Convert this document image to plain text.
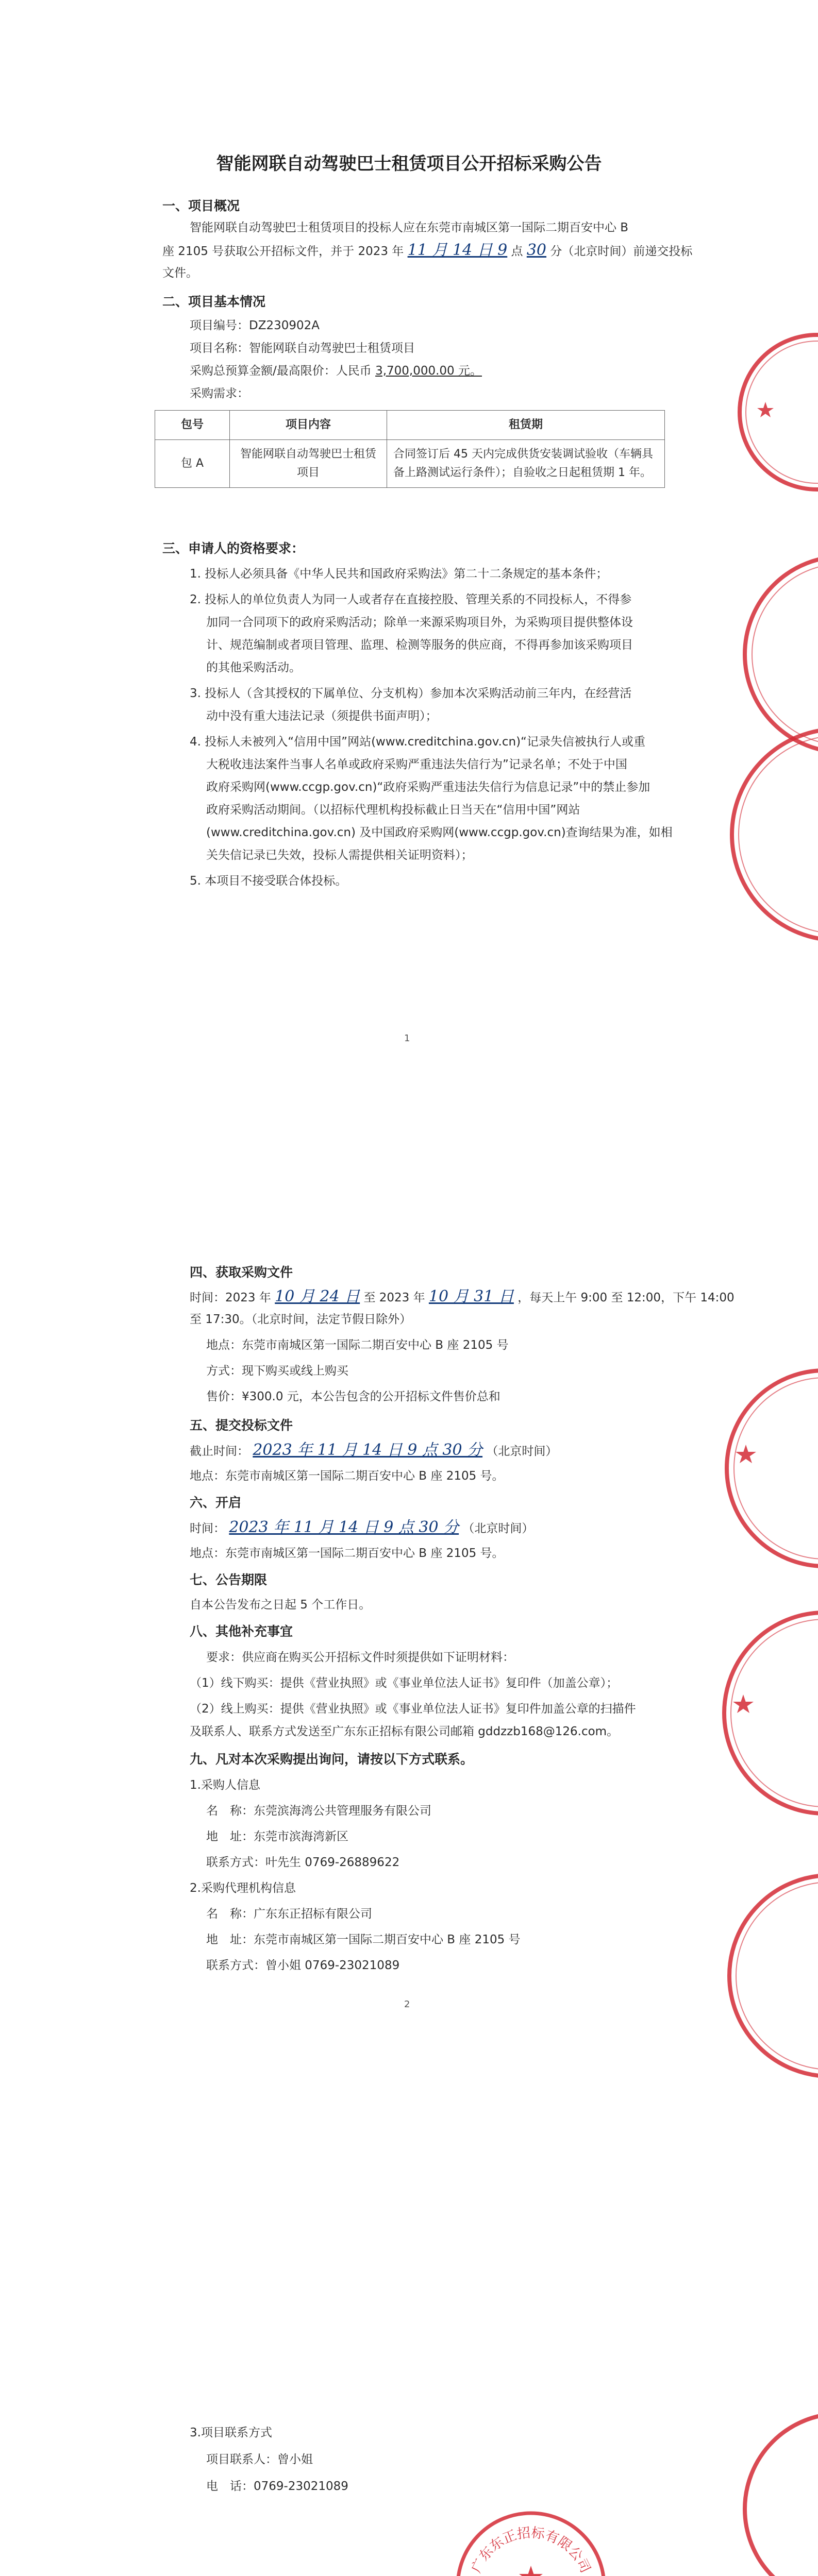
智能网联自动驾驶巴士租赁项目公开招标采购公告
一、项目概况
智能网联自动驾驶巴士租赁项目的投标人应在东莞市南城区第一国际二期百安中心 B
座 2105 号获取公开招标文件，并于 2023 年 11 月 14 日 9 点 30 分（北京时间）前递交投标
文件。
二、项目基本情况
项目编号：DZ230902A
项目名称：智能网联自动驾驶巴士租赁项目
采购总预算金额/最高限价：人民币 3,700,000.00 元。
采购需求：
包号	项目内容	租赁期
包 A	智能网联自动驾驶巴士租赁项目	合同签订后 45 天内完成供货安装调试验收（车辆具备上路测试运行条件）；自验收之日起租赁期 1 年。
三、申请人的资格要求：
1. 投标人必须具备《中华人民共和国政府采购法》第二十二条规定的基本条件；
2. 投标人的单位负责人为同一人或者存在直接控股、管理关系的不同投标人，不得参
加同一合同项下的政府采购活动；除单一来源采购项目外，为采购项目提供整体设
计、规范编制或者项目管理、监理、检测等服务的供应商，不得再参加该采购项目
的其他采购活动。
3. 投标人（含其授权的下属单位、分支机构）参加本次采购活动前三年内，在经营活
动中没有重大违法记录（须提供书面声明）；
4. 投标人未被列入“信用中国”网站(www.creditchina.gov.cn)“记录失信被执行人或重
大税收违法案件当事人名单或政府采购严重违法失信行为”记录名单；不处于中国
政府采购网(www.ccgp.gov.cn)“政府采购严重违法失信行为信息记录”中的禁止参加
政府采购活动期间。（以招标代理机构投标截止日当天在“信用中国”网站
(www.creditchina.gov.cn) 及中国政府采购网(www.ccgp.gov.cn)查询结果为准，如相
关失信记录已失效，投标人需提供相关证明资料）；
5. 本项目不接受联合体投标。
1
四、获取采购文件
时间：2023 年 10 月 24 日 至 2023 年 10 月 31 日 ，每天上午 9:00 至 12:00，下午 14:00
至 17:30。（北京时间，法定节假日除外）
地点：东莞市南城区第一国际二期百安中心 B 座 2105 号
方式：现下购买或线上购买
售价：¥300.0 元，本公告包含的公开招标文件售价总和
五、提交投标文件
截止时间： 2023 年 11 月 14 日 9 点 30 分 （北京时间）
地点：东莞市南城区第一国际二期百安中心 B 座 2105 号。
六、开启
时间： 2023 年 11 月 14 日 9 点 30 分 （北京时间）
地点：东莞市南城区第一国际二期百安中心 B 座 2105 号。
七、公告期限
自本公告发布之日起 5 个工作日。
八、其他补充事宜
要求：供应商在购买公开招标文件时须提供如下证明材料：
（1）线下购买：提供《营业执照》或《事业单位法人证书》复印件（加盖公章）；
（2）线上购买：提供《营业执照》或《事业单位法人证书》复印件加盖公章的扫描件
及联系人、联系方式发送至广东东正招标有限公司邮箱 gddzzb168@126.com。
九、凡对本次采购提出询问，请按以下方式联系。
1.采购人信息
名　称：东莞滨海湾公共管理服务有限公司
地　址：东莞市滨海湾新区
联系方式：叶先生 0769-26889622
2.采购代理机构信息
名　称：广东东正招标有限公司
地　址：东莞市南城区第一国际二期百安中心 B 座 2105 号
联系方式：曾小姐 0769-23021089
2
3.项目联系方式
项目联系人：曾小姐
电　话：0769-23021089
广东东正招标有限公司
